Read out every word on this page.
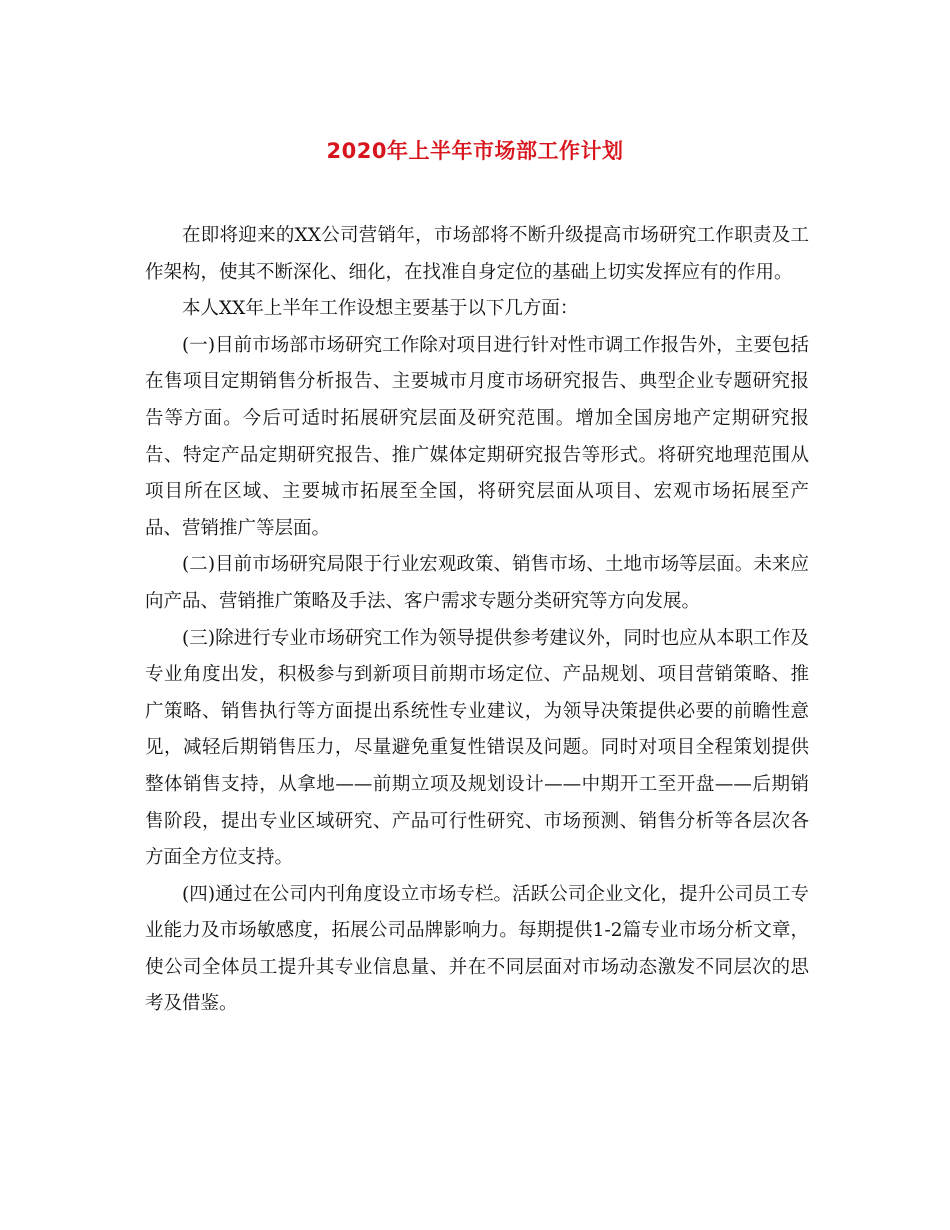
2020年上半年市场部工作计划

在即将迎来的XX公司营销年，市场部将不断升级提高市场研究工作职责及工作架构，使其不断深化、细化，在找准自身定位的基础上切实发挥应有的作用。

本人XX年上半年工作设想主要基于以下几方面：

(一)目前市场部市场研究工作除对项目进行针对性市调工作报告外，主要包括在售项目定期销售分析报告、主要城市月度市场研究报告、典型企业专题研究报告等方面。今后可适时拓展研究层面及研究范围。增加全国房地产定期研究报告、特定产品定期研究报告、推广媒体定期研究报告等形式。将研究地理范围从项目所在区域、主要城市拓展至全国，将研究层面从项目、宏观市场拓展至产品、营销推广等层面。

(二)目前市场研究局限于行业宏观政策、销售市场、土地市场等层面。未来应向产品、营销推广策略及手法、客户需求专题分类研究等方向发展。

(三)除进行专业市场研究工作为领导提供参考建议外，同时也应从本职工作及专业角度出发，积极参与到新项目前期市场定位、产品规划、项目营销策略、推广策略、销售执行等方面提出系统性专业建议，为领导决策提供必要的前瞻性意见，减轻后期销售压力，尽量避免重复性错误及问题。同时对项目全程策划提供整体销售支持，从拿地——前期立项及规划设计——中期开工至开盘——后期销售阶段，提出专业区域研究、产品可行性研究、市场预测、销售分析等各层次各方面全方位支持。

(四)通过在公司内刊角度设立市场专栏。活跃公司企业文化，提升公司员工专业能力及市场敏感度，拓展公司品牌影响力。每期提供1-2篇专业市场分析文章，使公司全体员工提升其专业信息量、并在不同层面对市场动态激发不同层次的思考及借鉴。
